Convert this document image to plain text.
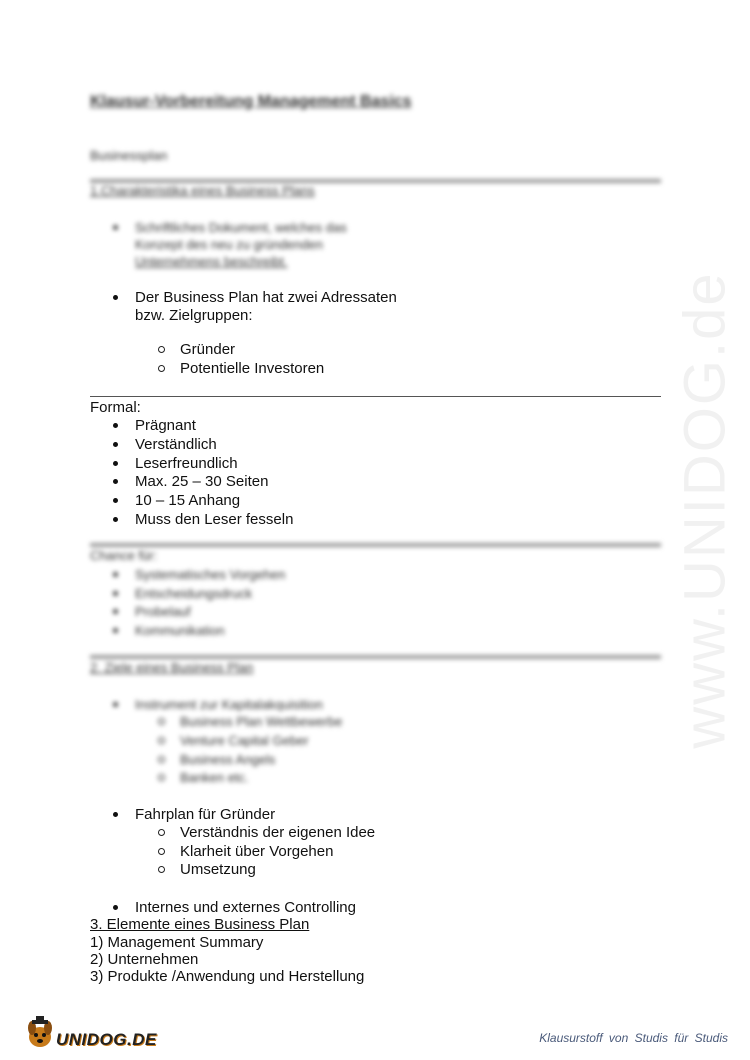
www.UNIDOG.de
Klausur-Vorbereitung Management Basics
Businessplan
1.Charakteristika eines Business Plans
Schriftliches Dokument, welches das
Konzept des neu zu gründenden
Unternehmens beschreibt.
Der Business Plan hat zwei Adressaten
bzw. Zielgruppen:
Gründer
Potentielle Investoren
Formal:
Prägnant
Verständlich
Leserfreundlich
Max. 25 – 30 Seiten
10 – 15 Anhang
Muss den Leser fesseln
Chance für:
Systematisches Vorgehen
Entscheidungsdruck
Probelauf
Kommunikation
2. Ziele eines Business Plan
Instrument zur Kapitalakquisition
Business Plan Wettbewerbe
Venture Capital Geber
Business Angels
Banken etc.
Fahrplan für Gründer
Verständnis der eigenen Idee
Klarheit über Vorgehen
Umsetzung
Internes und externes Controlling
3. Elemente eines Business Plan
1) Management Summary
2) Unternehmen
3) Produkte /Anwendung und Herstellung
UNIDOG.DE	Klausurstoff von Studis für Studis
